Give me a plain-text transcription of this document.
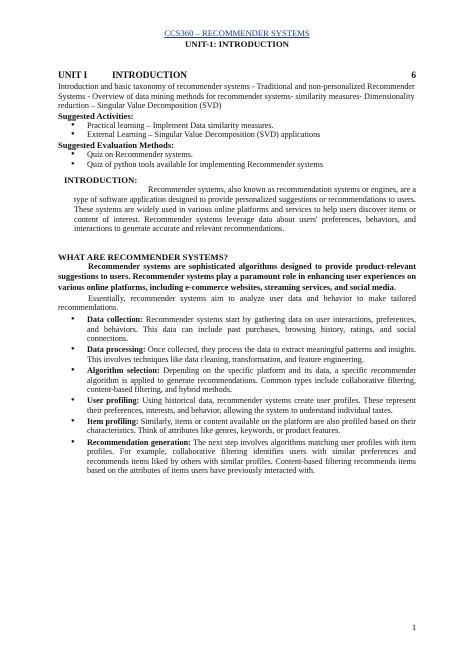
CCS360 – RECOMMENDER SYSTEMS
UNIT-1: INTRODUCTION
UNIT I	INTRODUCTION	6
Introduction and basic taxonomy of recommender systems - Traditional and non-personalized Recommender Systems - Overview of data mining methods for recommender systems- similarity measures- Dimensionality reduction – Singular Value Decomposition (SVD)
Suggested Activities:
● Practical learning – Implement Data similarity measures.
● External Learning – Singular Value Decomposition (SVD) applications
Suggested Evaluation Methods:
● Quiz on Recommender systems.
● Quiz of python tools available for implementing Recommender systems
INTRODUCTION:
Recommender systems, also known as recommendation systems or engines, are a type of software application designed to provide personalized suggestions or recommendations to users. These systems are widely used in various online platforms and services to help users discover items or content of interest. Recommender systems leverage data about users' preferences, behaviors, and interactions to generate accurate and relevant recommendations.
WHAT ARE RECOMMENDER SYSTEMS?
Recommender systems are sophisticated algorithms designed to provide product-relevant suggestions to users. Recommender systems play a paramount role in enhancing user experiences on various online platforms, including e-commerce websites, streaming services, and social media.
Essentially, recommender systems aim to analyze user data and behavior to make tailored recommendations.
● Data collection: Recommender systems start by gathering data on user interactions, preferences, and behaviors. This data can include past purchases, browsing history, ratings, and social connections.
● Data processing: Once collected, they process the data to extract meaningful patterns and insights. This involves techniques like data cleaning, transformation, and feature engineering.
● Algorithm selection: Depending on the specific platform and its data, a specific recommender algorithm is applied to generate recommendations. Common types include collaborative filtering, content-based filtering, and hybrid methods.
● User profiling: Using historical data, recommender systems create user profiles. These represent their preferences, interests, and behavior, allowing the system to understand individual tastes.
● Item profiling: Similarly, items or content available on the platform are also profiled based on their characteristics. Think of attributes like genres, keywords, or product features.
● Recommendation generation: The next step involves algorithms matching user profiles with item profiles. For example, collaborative filtering identifies users with similar preferences and recommends items liked by others with similar profiles. Content-based filtering recommends items based on the attributes of items users have previously interacted with.
1
